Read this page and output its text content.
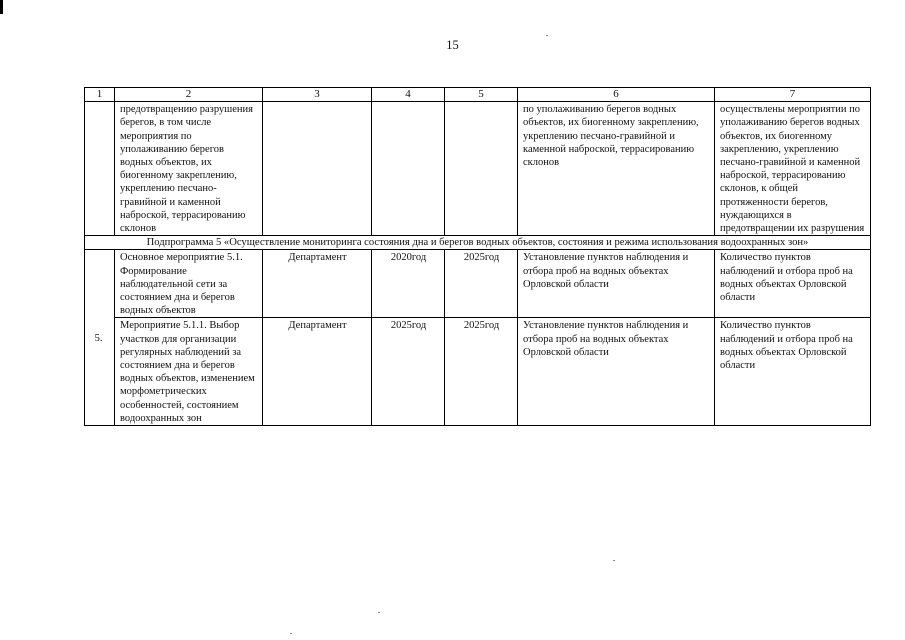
15
1	2	3	4	5	6	7
	предотвращению разрушения берегов, в том числе мероприятия по уполаживанию берегов водных объектов, их биогенному закреплению, укреплению песчано-гравийной и каменной наброской, террасированию склонов				по уполаживанию берегов водных объектов, их биогенному закреплению, укреплению песчано-гравийной и каменной наброской, террасированию склонов	осуществлены мероприятии по уполаживанию берегов водных объектов, их биогенному закреплению, укреплению песчано-гравийной и каменной наброской, террасированию склонов, к общей протяженности берегов, нуждающихся в предотвращении их разрушения
Подпрограмма 5 «Осуществление мониторинга состояния дна и берегов водных объектов, состояния и режима использования водоохранных зон»						
5.	Основное мероприятие 5.1. Формирование наблюдательной сети за состоянием дна и берегов водных объектов	Департамент	2020год	2025год	Установление пунктов наблюдения и отбора проб на водных объектах Орловской области	Количество пунктов наблюдений и отбора проб на водных объектах Орловской области
	Мероприятие 5.1.1. Выбор участков для организации регулярных наблюдений за состоянием дна и берегов водных объектов, изменением морфометрических особенностей, состоянием водоохранных зон	Департамент	2025год	2025год	Установление пунктов наблюдения и отбора проб на водных объектах Орловской области	Количество пунктов наблюдений и отбора проб на водных объектах Орловской области
